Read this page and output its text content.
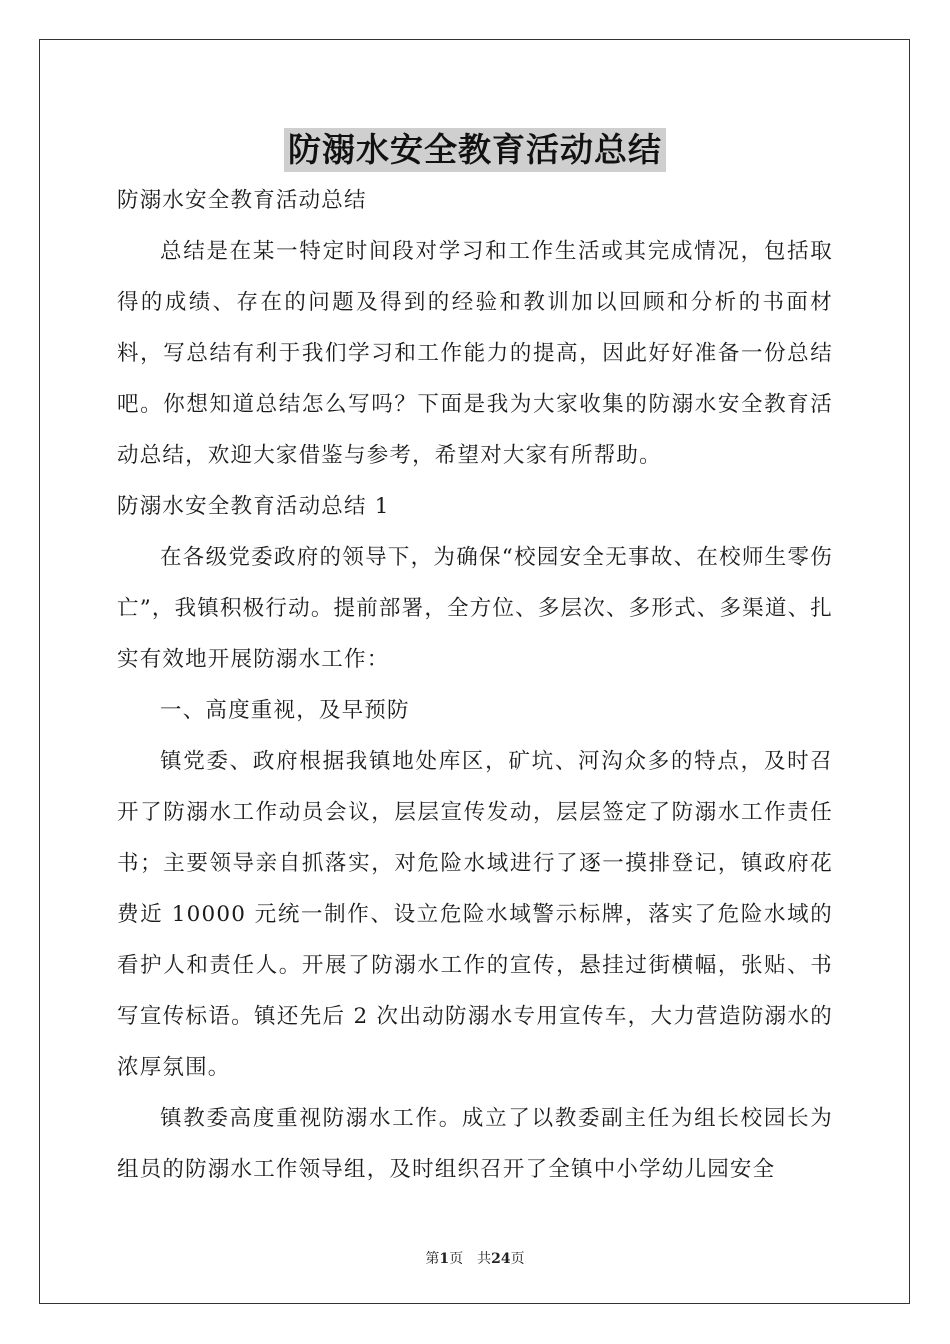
防溺水安全教育活动总结

防溺水安全教育活动总结

总结是在某一特定时间段对学习和工作生活或其完成情况，包括取得的成绩、存在的问题及得到的经验和教训加以回顾和分析的书面材料，写总结有利于我们学习和工作能力的提高，因此好好准备一份总结吧。你想知道总结怎么写吗？下面是我为大家收集的防溺水安全教育活动总结，欢迎大家借鉴与参考，希望对大家有所帮助。

防溺水安全教育活动总结 1

在各级党委政府的领导下，为确保“校园安全无事故、在校师生零伤亡”，我镇积极行动。提前部署，全方位、多层次、多形式、多渠道、扎实有效地开展防溺水工作：

一、高度重视，及早预防

镇党委、政府根据我镇地处库区，矿坑、河沟众多的特点，及时召开了防溺水工作动员会议，层层宣传发动，层层签定了防溺水工作责任书；主要领导亲自抓落实，对危险水域进行了逐一摸排登记，镇政府花费近 10000 元统一制作、设立危险水域警示标牌，落实了危险水域的看护人和责任人。开展了防溺水工作的宣传，悬挂过街横幅，张贴、书写宣传标语。镇还先后 2 次出动防溺水专用宣传车，大力营造防溺水的浓厚氛围。

镇教委高度重视防溺水工作。成立了以教委副主任为组长校园长为组员的防溺水工作领导组，及时组织召开了全镇中小学幼儿园安全

第1页 共24页
